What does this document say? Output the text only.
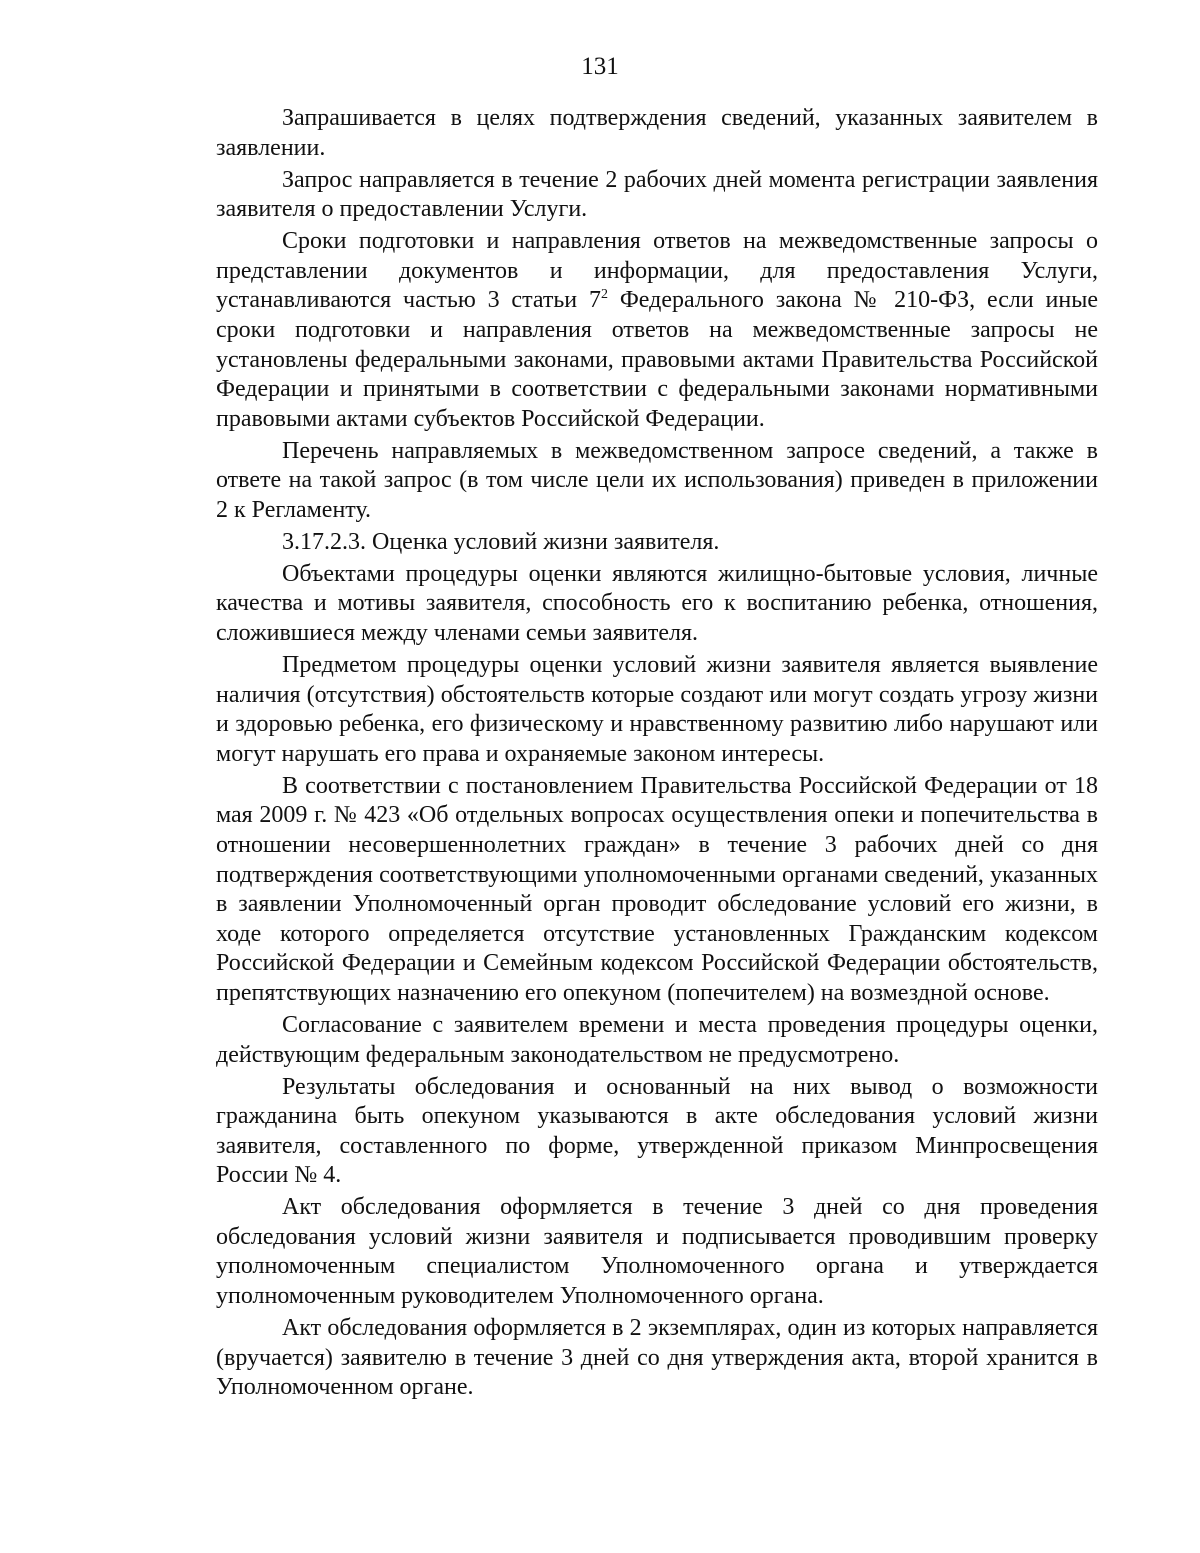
131

Запрашивается в целях подтверждения сведений, указанных заявителем в заявлении.

Запрос направляется в течение 2 рабочих дней момента регистрации заявления заявителя о предоставлении Услуги.

Сроки подготовки и направления ответов на межведомственные запросы о представлении документов и информации, для предоставления Услуги, устанавливаются частью 3 статьи $7^2$ Федерального закона № 210-ФЗ, если иные сроки подготовки и направления ответов на межведомственные запросы не установлены федеральными законами, правовыми актами Правительства Российской Федерации и принятыми в соответствии с федеральными законами нормативными правовыми актами субъектов Российской Федерации.

Перечень направляемых в межведомственном запросе сведений, а также в ответе на такой запрос (в том числе цели их использования) приведен в приложении 2 к Регламенту.

3.17.2.3. Оценка условий жизни заявителя.

Объектами процедуры оценки являются жилищно-бытовые условия, личные качества и мотивы заявителя, способность его к воспитанию ребенка, отношения, сложившиеся между членами семьи заявителя.

Предметом процедуры оценки условий жизни заявителя является выявление наличия (отсутствия) обстоятельств которые создают или могут создать угрозу жизни и здоровью ребенка, его физическому и нравственному развитию либо нарушают или могут нарушать его права и охраняемые законом интересы.

В соответствии с постановлением Правительства Российской Федерации от 18 мая 2009 г. № 423 «Об отдельных вопросах осуществления опеки и попечительства в отношении несовершеннолетних граждан» в течение 3 рабочих дней со дня подтверждения соответствующими уполномоченными органами сведений, указанных в заявлении Уполномоченный орган проводит обследование условий его жизни, в ходе которого определяется отсутствие установленных Гражданским кодексом Российской Федерации и Семейным кодексом Российской Федерации обстоятельств, препятствующих назначению его опекуном (попечителем) на возмездной основе.

Согласование с заявителем времени и места проведения процедуры оценки, действующим федеральным законодательством не предусмотрено.

Результаты обследования и основанный на них вывод о возможности гражданина быть опекуном указываются в акте обследования условий жизни заявителя, составленного по форме, утвержденной приказом Минпросвещения России № 4.

Акт обследования оформляется в течение 3 дней со дня проведения обследования условий жизни заявителя и подписывается проводившим проверку уполномоченным специалистом Уполномоченного органа и утверждается уполномоченным руководителем Уполномоченного органа.

Акт обследования оформляется в 2 экземплярах, один из которых направляется (вручается) заявителю в течение 3 дней со дня утверждения акта, второй хранится в Уполномоченном органе.
